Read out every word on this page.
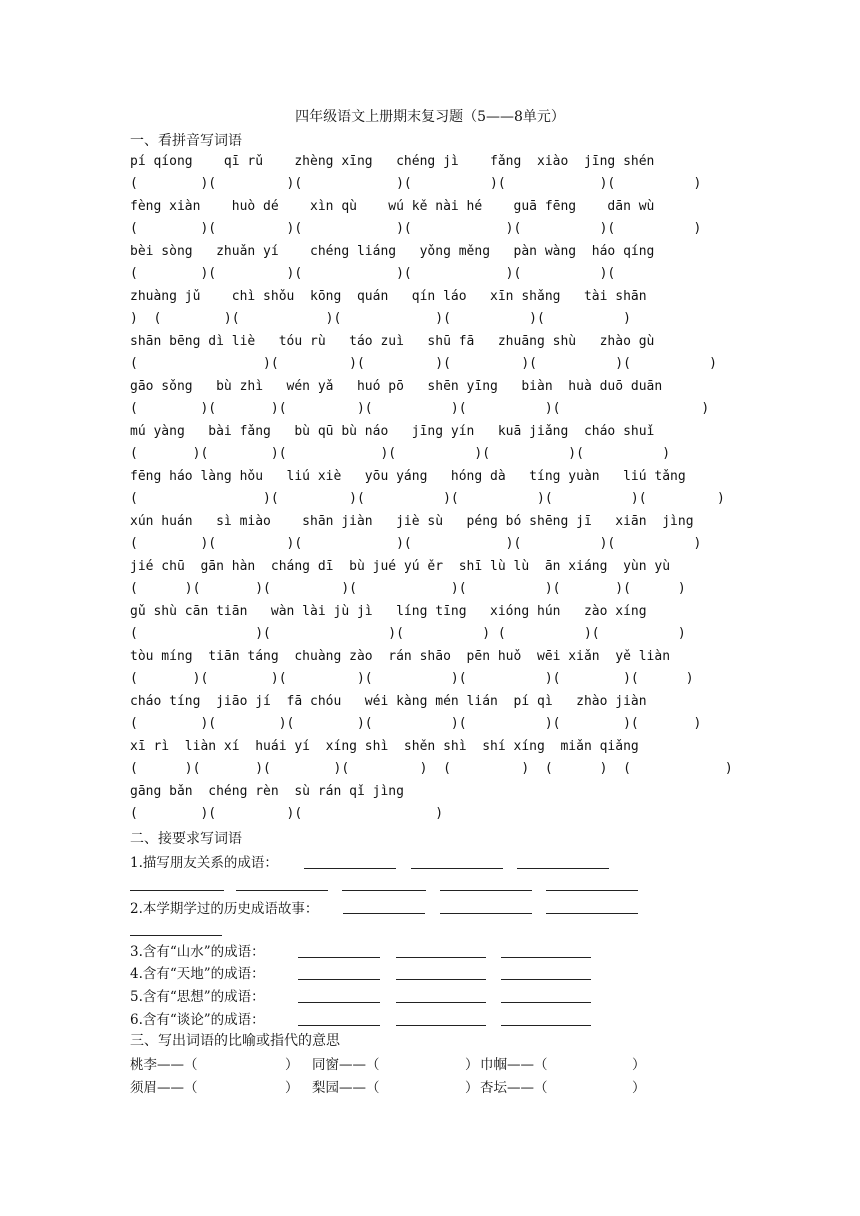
四年级语文上册期末复习题（5——8单元）
一、看拼音写词语
pí qíong    qī rǔ    zhèng xīng   chéng jì    fǎng  xiào  jīng shén
(        )(         )(            )(          )(            )(          )
fèng xiàn    huò dé    xìn qù    wú kě nài hé    guā fēng    dān wù
(        )(         )(            )(            )(          )(          )
bèi sòng   zhuǎn yí    chéng liáng   yǒng měng   pàn wàng  háo qíng
(        )(         )(            )(            )(          )(
zhuàng jǔ    chì shǒu  kōng  quán   qín láo   xīn shǎng   tài shān
)  (        )(           )(            )(          )(          )
shān bēng dì liè   tóu rù   táo zuì   shū fā   zhuāng shù   zhào gù
(                )(         )(         )(         )(          )(          )
gāo sǒng   bù zhì   wén yǎ   huó pō   shēn yīng   biàn  huà duō duān
(        )(       )(         )(          )(          )(                  )
mú yàng   bài fǎng   bù qū bù náo   jīng yín   kuā jiǎng  cháo shuǐ
(       )(        )(            )(          )(          )(          )
fēng háo làng hǒu   liú xiè   yōu yáng   hóng dà   tíng yuàn   liú tǎng
(                )(         )(          )(          )(          )(         )
xún huán   sì miào    shān jiàn   jiè sù   péng bó shēng jī   xiān  jìng
(        )(         )(            )(            )(          )(          )
jié chū  gān hàn  cháng dī  bù jué yú ěr  shī lù lù  ān xiáng  yùn yù
(      )(       )(         )(            )(          )(       )(      )
gǔ shù cān tiān   wàn lài jù jì   líng tīng   xióng hún   zào xíng
(               )(               )(          ) (          )(          )
tòu míng  tiān táng  chuàng zào  rán shāo  pēn huǒ  wēi xiǎn  yě liàn
(       )(        )(         )(          )(          )(        )(      )
cháo tíng  jiāo jí  fā chóu   wéi kàng mén lián  pí qì   zhào jiàn
(        )(        )(        )(          )(          )(        )(       )
xī rì  liàn xí  huái yí  xíng shì  shěn shì  shí xíng  miǎn qiǎng
(      )(       )(        )(         )  (         )  (      )  (            )
gāng bǎn  chéng rèn  sù rán qǐ jìng
(        )(         )(                 )
二、接要求写词语
1.描写朋友关系的成语：
2.本学期学过的历史成语故事：
3.含有“山水”的成语：
4.含有“天地”的成语：
5.含有“思想”的成语：
6.含有“谈论”的成语：
三、写出词语的比喻或指代的意思
桃李——（	） 同窗——（	） 巾帼——（	）
须眉——（	） 梨园——（	） 杏坛——（	）
